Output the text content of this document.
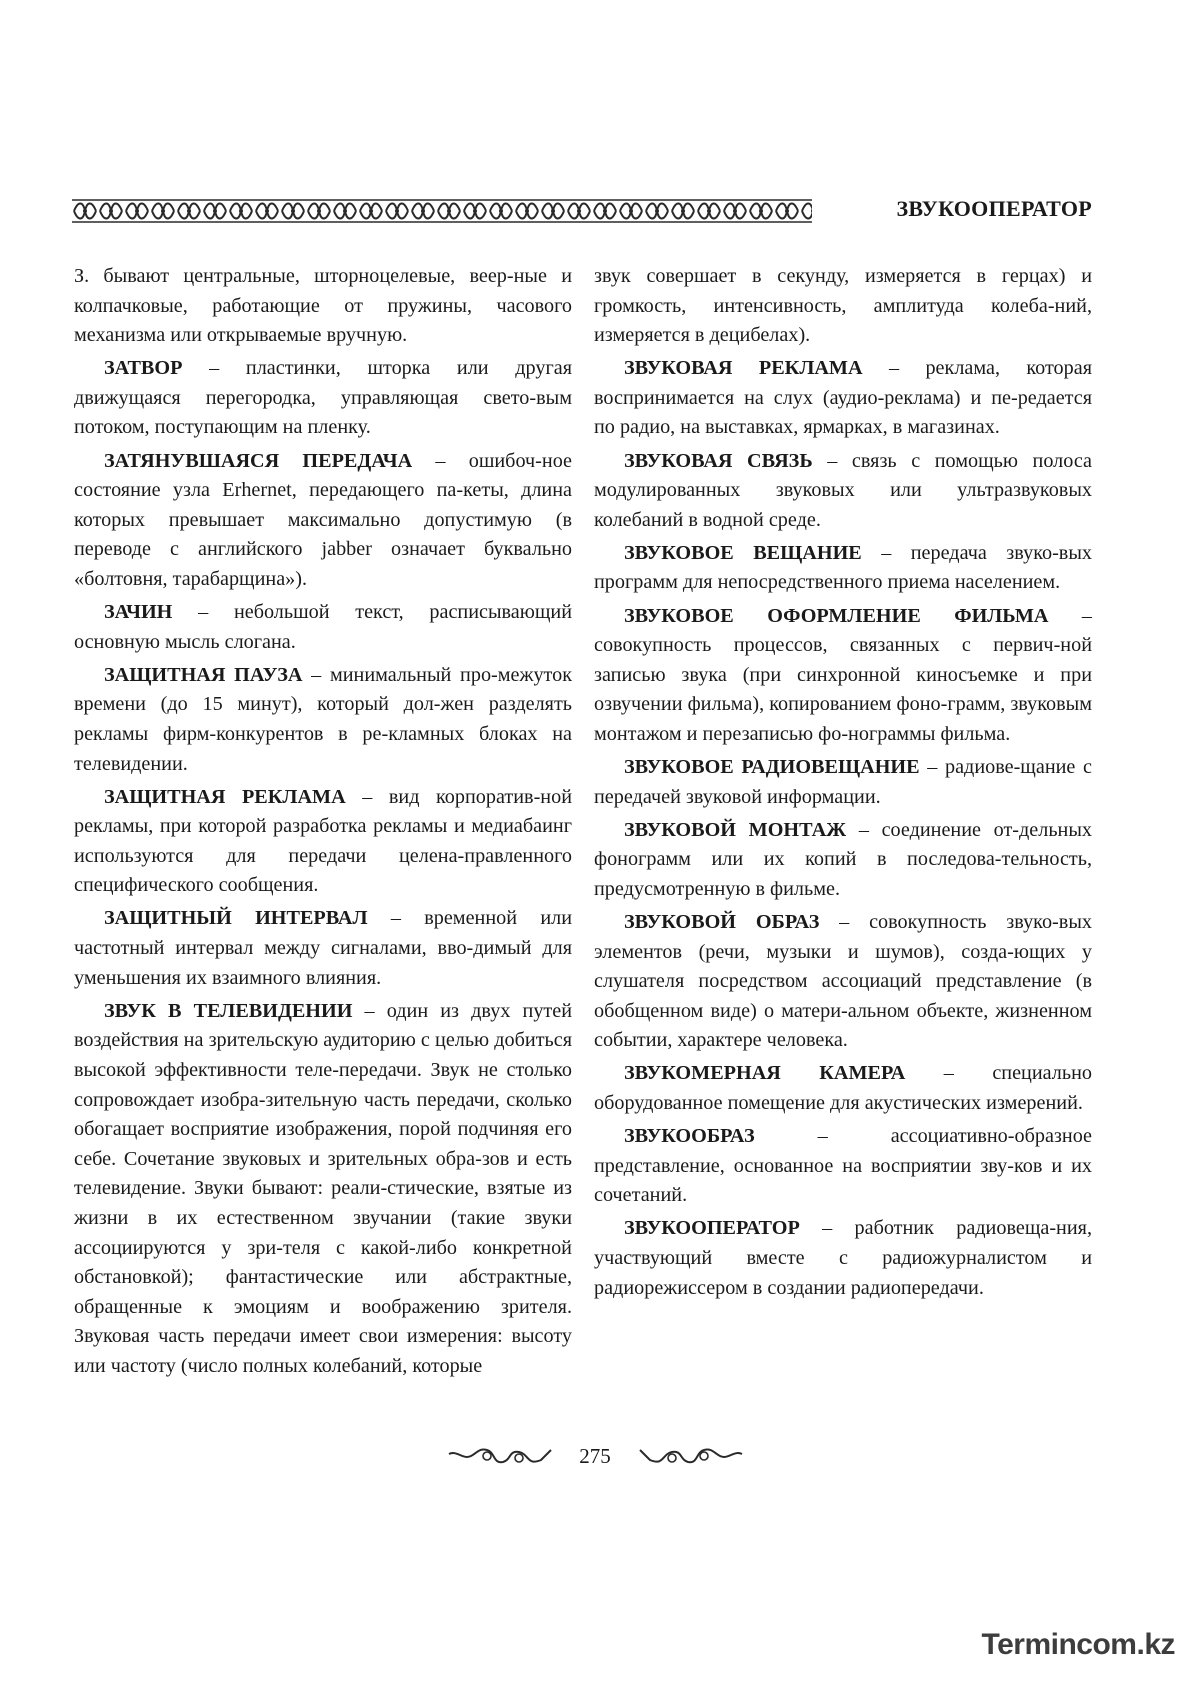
ЗВУКООПЕРАТОР

З. бывают центральные, шторноцелевые, веер-ные и колпачковые, работающие от пружины, часового механизма или открываемые вручную.

ЗАТВОР – пластинки, шторка или другая движущаяся перегородка, управляющая свето-вым потоком, поступающим на пленку.

ЗАТЯНУВШАЯСЯ ПЕРЕДАЧА – ошибоч-ное состояние узла Erhernet, передающего па-кеты, длина которых превышает максимально допустимую (в переводе с английского jabber означает буквально «болтовня, тарабарщина»).

ЗАЧИН – небольшой текст, расписывающий основную мысль слогана.

ЗАЩИТНАЯ ПАУЗА – минимальный про-межуток времени (до 15 минут), который дол-жен разделять рекламы фирм-конкурентов в ре-кламных блоках на телевидении.

ЗАЩИТНАЯ РЕКЛАМА – вид корпоратив-ной рекламы, при которой разработка рекламы и медиабаинг используются для передачи целена-правленного специфического сообщения.

ЗАЩИТНЫЙ ИНТЕРВАЛ – временной или частотный интервал между сигналами, вво-димый для уменьшения их взаимного влияния.

ЗВУК В ТЕЛЕВИДЕНИИ – один из двух путей воздействия на зрительскую аудиторию с целью добиться высокой эффективности теле-передачи. Звук не столько сопровождает изобра-зительную часть передачи, сколько обогащает восприятие изображения, порой подчиняя его себе. Сочетание звуковых и зрительных обра-зов и есть телевидение. Звуки бывают: реали-стические, взятые из жизни в их естественном звучании (такие звуки ассоциируются у зри-теля с какой-либо конкретной обстановкой); фантастические или абстрактные, обращенные к эмоциям и воображению зрителя. Звуковая часть передачи имеет свои измерения: высоту или частоту (число полных колебаний, которые

звук совершает в секунду, измеряется в герцах) и громкость, интенсивность, амплитуда колеба-ний, измеряется в децибелах).

ЗВУКОВАЯ РЕКЛАМА – реклама, которая воспринимается на слух (аудио-реклама) и пе-редается по радио, на выставках, ярмарках, в магазинах.

ЗВУКОВАЯ СВЯЗЬ – связь с помощью полоса модулированных звуковых или ультразвуковых колебаний в водной среде.

ЗВУКОВОЕ ВЕЩАНИЕ – передача звуко-вых программ для непосредственного приема населением.

ЗВУКОВОЕ ОФОРМЛЕНИЕ ФИЛЬМА – совокупность процессов, связанных с первич-ной записью звука (при синхронной киносъемке и при озвучении фильма), копированием фоно-грамм, звуковым монтажом и перезаписью фо-нограммы фильма.

ЗВУКОВОЕ РАДИОВЕЩАНИЕ – радиове-щание с передачей звуковой информации.

ЗВУКОВОЙ МОНТАЖ – соединение от-дельных фонограмм или их копий в последова-тельность, предусмотренную в фильме.

ЗВУКОВОЙ ОБРАЗ – совокупность звуко-вых элементов (речи, музыки и шумов), созда-ющих у слушателя посредством ассоциаций представление (в обобщенном виде) о матери-альном объекте, жизненном событии, характере человека.

ЗВУКОМЕРНАЯ КАМЕРА – специально оборудованное помещение для акустических измерений.

ЗВУКООБРАЗ – ассоциативно-образное представление, основанное на восприятии зву-ков и их сочетаний.

ЗВУКООПЕРАТОР – работник радиовеща-ния, участвующий вместе с радиожурналистом и радиорежиссером в создании радиопередачи.

275
Termincom.kz
